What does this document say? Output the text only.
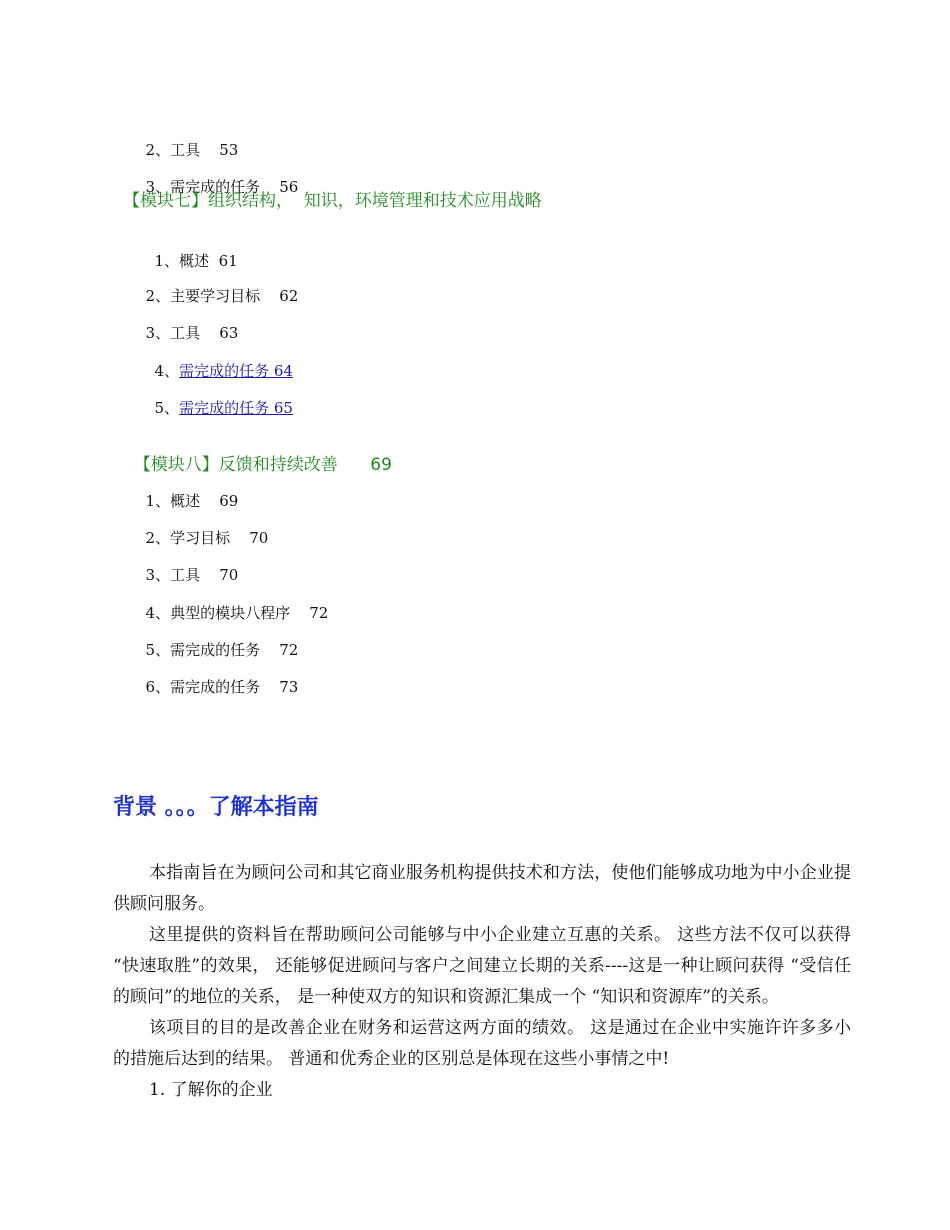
2、工具 53

3、需完成的任务 56

【模块七】组织结构，  知识，环境管理和技术应用战略

1、概述 61

2、主要学习目标 62

3、工具 63

4、需完成的任务 64

5、需完成的任务 65

【模块八】反馈和持续改善 69

1、概述 69

2、学习目标 70

3、工具 70

4、典型的模块八程序 72

5、需完成的任务 72

6、需完成的任务 73

背景 。。。了解本指南

本指南旨在为顾问公司和其它商业服务机构提供技术和方法，使他们能够成功地为中小企业提供顾问服务。

这里提供的资料旨在帮助顾问公司能够与中小企业建立互惠的关系。 这些方法不仅可以获得 “快速取胜”的效果， 还能够促进顾问与客户之间建立长期的关系----这是一种让顾问获得 “受信任的顾问”的地位的关系， 是一种使双方的知识和资源汇集成一个 “知识和资源库”的关系。

该项目的目的是改善企业在财务和运营这两方面的绩效。 这是通过在企业中实施许许多多小的措施后达到的结果。 普通和优秀企业的区别总是体现在这些小事情之中!

1. 了解你的企业
